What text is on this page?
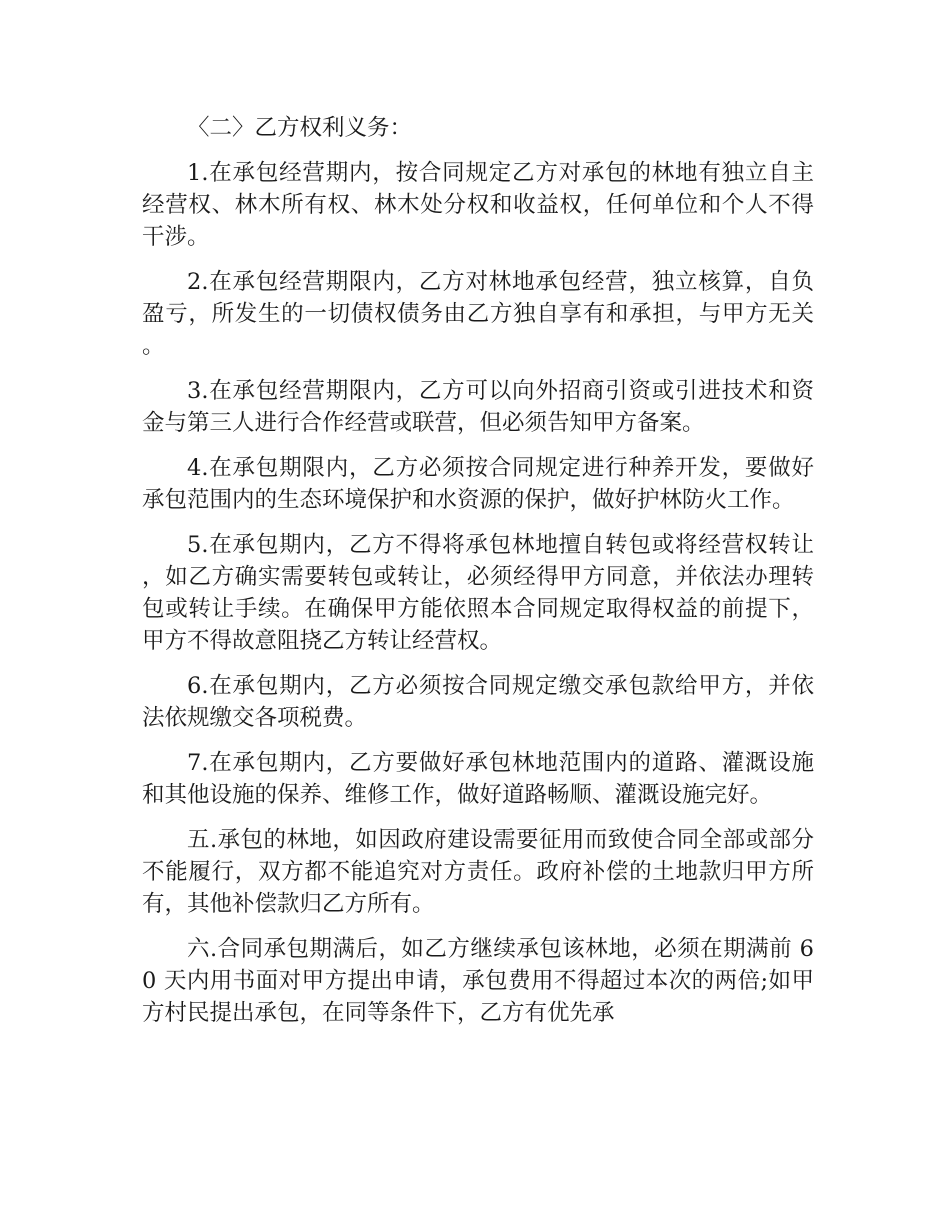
〈二〉乙方权利义务：

1.在承包经营期内，按合同规定乙方对承包的林地有独立自主经营权、林木所有权、林木处分权和收益权，任何单位和个人不得干涉。

2.在承包经营期限内，乙方对林地承包经营，独立核算，自负盈亏，所发生的一切债权债务由乙方独自享有和承担，与甲方无关。

3.在承包经营期限内，乙方可以向外招商引资或引进技术和资金与第三人进行合作经营或联营，但必须告知甲方备案。

4.在承包期限内，乙方必须按合同规定进行种养开发，要做好承包范围内的生态环境保护和水资源的保护，做好护林防火工作。

5.在承包期内，乙方不得将承包林地擅自转包或将经营权转让，如乙方确实需要转包或转让，必须经得甲方同意，并依法办理转包或转让手续。在确保甲方能依照本合同规定取得权益的前提下，甲方不得故意阻挠乙方转让经营权。

6.在承包期内，乙方必须按合同规定缴交承包款给甲方，并依法依规缴交各项税费。

7.在承包期内，乙方要做好承包林地范围内的道路、灌溉设施和其他设施的保养、维修工作，做好道路畅顺、灌溉设施完好。

五.承包的林地，如因政府建设需要征用而致使合同全部或部分不能履行，双方都不能追究对方责任。政府补偿的土地款归甲方所有，其他补偿款归乙方所有。

六.合同承包期满后，如乙方继续承包该林地，必须在期满前 60 天内用书面对甲方提出申请，承包费用不得超过本次的两倍;如甲方村民提出承包，在同等条件下，乙方有优先承
